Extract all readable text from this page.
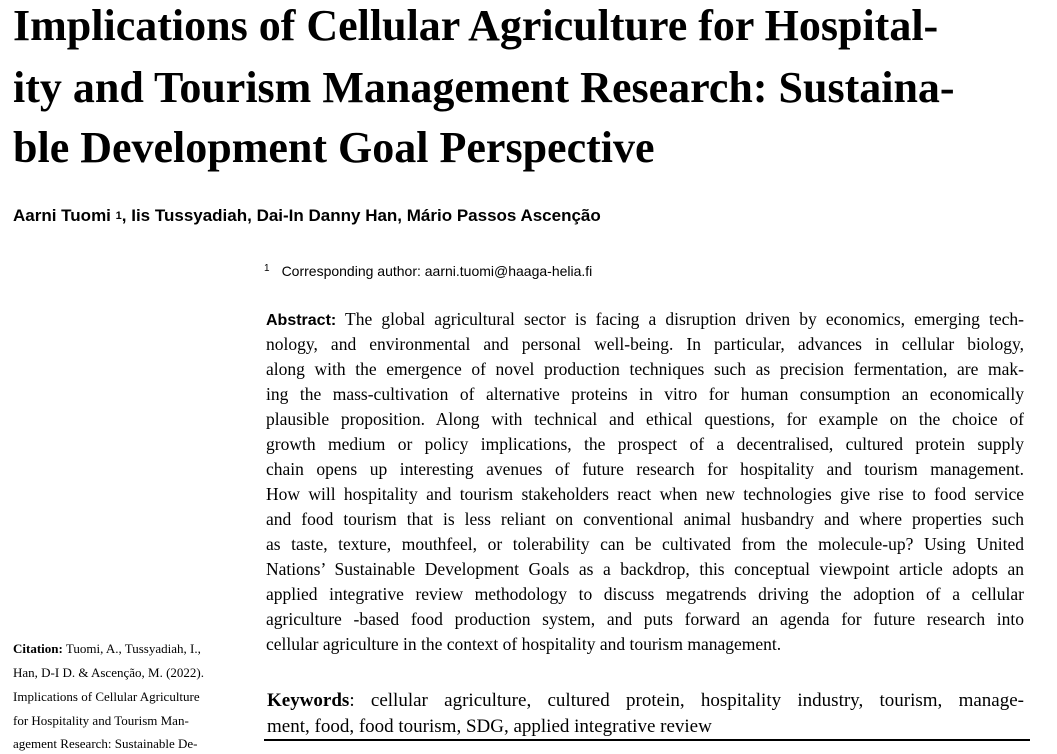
Implications of Cellular Agriculture for Hospital-
ity and Tourism Management Research: Sustaina-
ble Development Goal Perspective
Aarni Tuomi $^1$, Iis Tussyadiah, Dai-In Danny Han, Mário Passos Ascenção
$^1$ Corresponding author: aarni.tuomi@haaga-helia.fi
Abstract: The global agricultural sector is facing a disruption driven by economics, emerging tech-
nology, and environmental and personal well-being. In particular, advances in cellular biology,
along with the emergence of novel production techniques such as precision fermentation, are mak-
ing the mass-cultivation of alternative proteins in vitro for human consumption an economically
plausible proposition. Along with technical and ethical questions, for example on the choice of
growth medium or policy implications, the prospect of a decentralised, cultured protein supply
chain opens up interesting avenues of future research for hospitality and tourism management.
How will hospitality and tourism stakeholders react when new technologies give rise to food service
and food tourism that is less reliant on conventional animal husbandry and where properties such
as taste, texture, mouthfeel, or tolerability can be cultivated from the molecule-up? Using United
Nations’ Sustainable Development Goals as a backdrop, this conceptual viewpoint article adopts an
applied integrative review methodology to discuss megatrends driving the adoption of a cellular
agriculture -based food production system, and puts forward an agenda for future research into
cellular agriculture in the context of hospitality and tourism management.
Keywords: cellular agriculture, cultured protein, hospitality industry, tourism, manage-
ment, food, food tourism, SDG, applied integrative review
Citation: Tuomi, A., Tussyadiah, I.,
Han, D-I D. & Ascenção, M. (2022).
Implications of Cellular Agriculture
for Hospitality and Tourism Man-
agement Research: Sustainable De-
